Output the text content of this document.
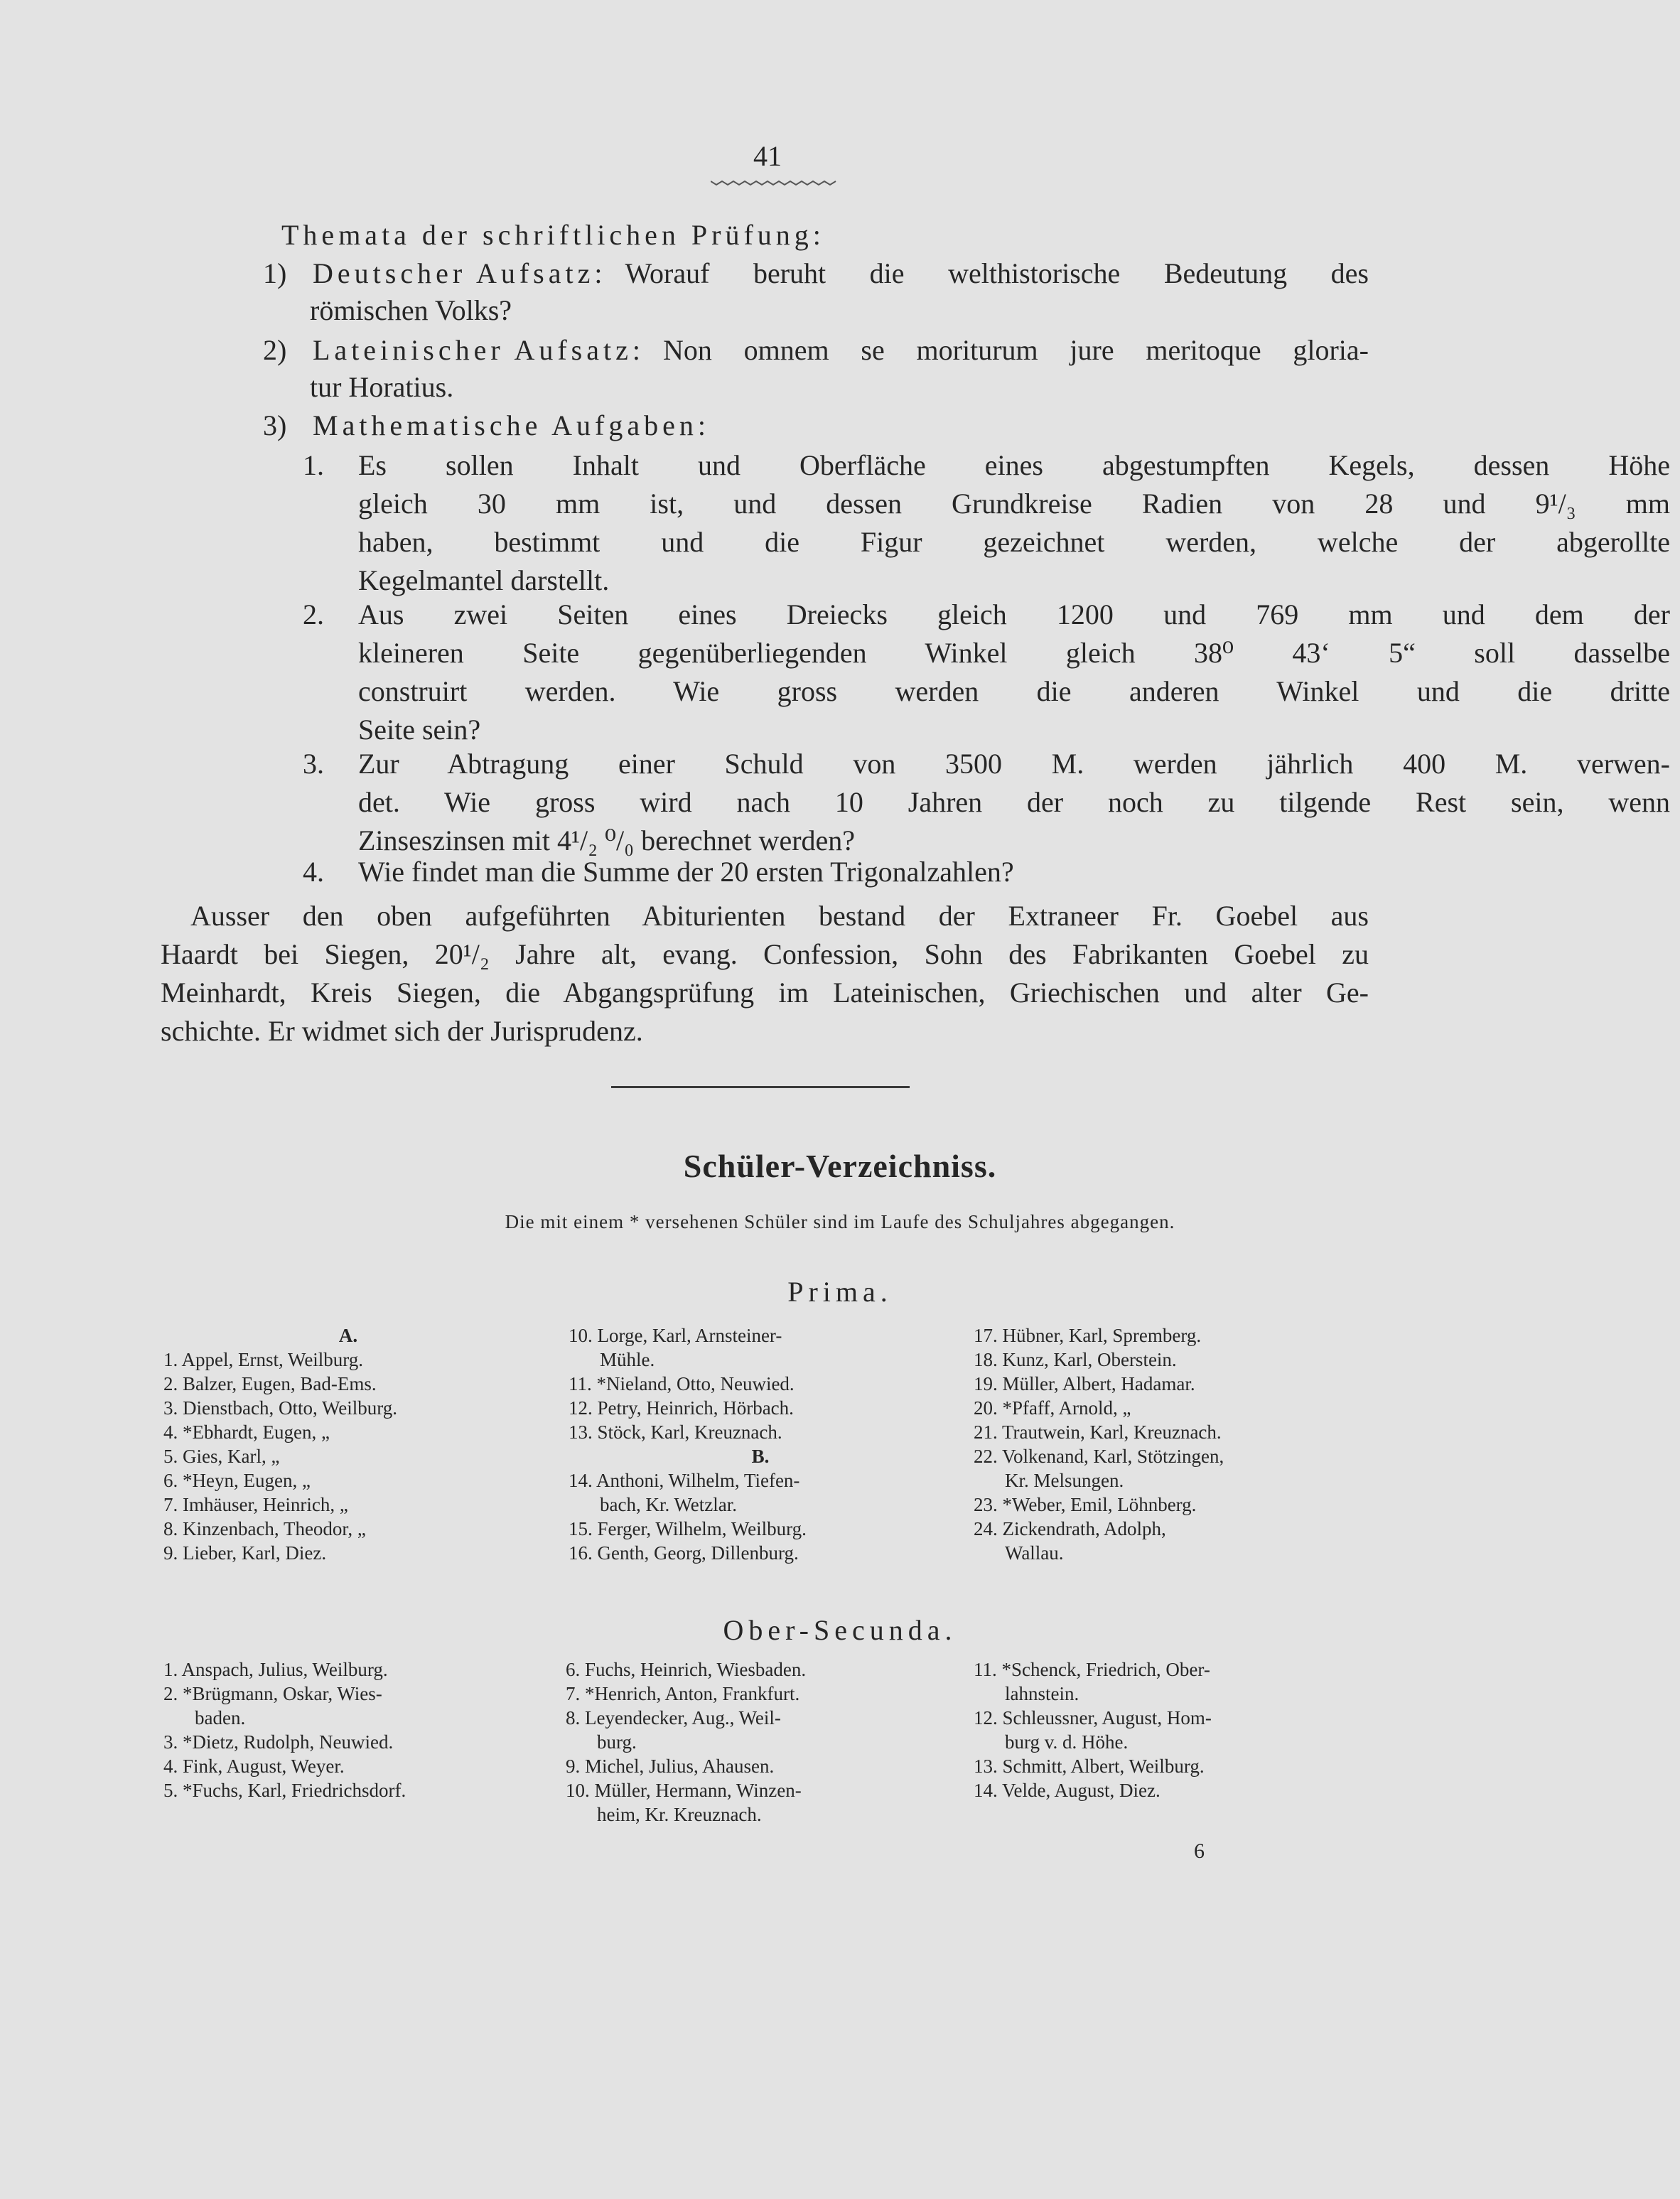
41
Themata der schriftlichen Prüfung:
1) Deutscher Aufsatz: Worauf beruht die welthistorische Bedeutung des
römischen Volks?
2) Lateinischer Aufsatz: Non omnem se moriturum jure meritoque gloria-
tur Horatius.
3) Mathematische Aufgaben:
1. Es sollen Inhalt und Oberfläche eines abgestumpften Kegels, dessen Höhe
gleich 30 mm ist, und dessen Grundkreise Radien von 28 und 9¹/₃ mm
haben, bestimmt und die Figur gezeichnet werden, welche der abgerollte
Kegelmantel darstellt.
2. Aus zwei Seiten eines Dreiecks gleich 1200 und 769 mm und dem der
kleineren Seite gegenüberliegenden Winkel gleich 38⁰ 43‘ 5“ soll dasselbe
construirt werden. Wie gross werden die anderen Winkel und die dritte
Seite sein?
3. Zur Abtragung einer Schuld von 3500 M. werden jährlich 400 M. verwen-
det. Wie gross wird nach 10 Jahren der noch zu tilgende Rest sein, wenn
Zinseszinsen mit 4¹/₂ ⁰/₀ berechnet werden?
4. Wie findet man die Summe der 20 ersten Trigonalzahlen?
Ausser den oben aufgeführten Abiturienten bestand der Extraneer Fr. Goebel aus
Haardt bei Siegen, 20¹/₂ Jahre alt, evang. Confession, Sohn des Fabrikanten Goebel zu
Meinhardt, Kreis Siegen, die Abgangsprüfung im Lateinischen, Griechischen und alter Ge-
schichte. Er widmet sich der Jurisprudenz.
Schüler-Verzeichniss.
Die mit einem * versehenen Schüler sind im Laufe des Schuljahres abgegangen.
Prima.
A.
1. Appel, Ernst, Weilburg.
2. Balzer, Eugen, Bad-Ems.
3. Dienstbach, Otto, Weilburg.
4. *Ebhardt, Eugen, „
5. Gies, Karl, „
6. *Heyn, Eugen, „
7. Imhäuser, Heinrich, „
8. Kinzenbach, Theodor, „
9. Lieber, Karl, Diez.
10. Lorge, Karl, Arnsteiner-
Mühle.
11. *Nieland, Otto, Neuwied.
12. Petry, Heinrich, Hörbach.
13. Stöck, Karl, Kreuznach.
B.
14. Anthoni, Wilhelm, Tiefen-
bach, Kr. Wetzlar.
15. Ferger, Wilhelm, Weilburg.
16. Genth, Georg, Dillenburg.
17. Hübner, Karl, Spremberg.
18. Kunz, Karl, Oberstein.
19. Müller, Albert, Hadamar.
20. *Pfaff, Arnold, „
21. Trautwein, Karl, Kreuznach.
22. Volkenand, Karl, Stötzingen,
Kr. Melsungen.
23. *Weber, Emil, Löhnberg.
24. Zickendrath, Adolph,
Wallau.
Ober-Secunda.
1. Anspach, Julius, Weilburg.
2. *Brügmann, Oskar, Wies-
baden.
3. *Dietz, Rudolph, Neuwied.
4. Fink, August, Weyer.
5. *Fuchs, Karl, Friedrichsdorf.
6. Fuchs, Heinrich, Wiesbaden.
7. *Henrich, Anton, Frankfurt.
8. Leyendecker, Aug., Weil-
burg.
9. Michel, Julius, Ahausen.
10. Müller, Hermann, Winzen-
heim, Kr. Kreuznach.
11. *Schenck, Friedrich, Ober-
lahnstein.
12. Schleussner, August, Hom-
burg v. d. Höhe.
13. Schmitt, Albert, Weilburg.
14. Velde, August, Diez.
6
